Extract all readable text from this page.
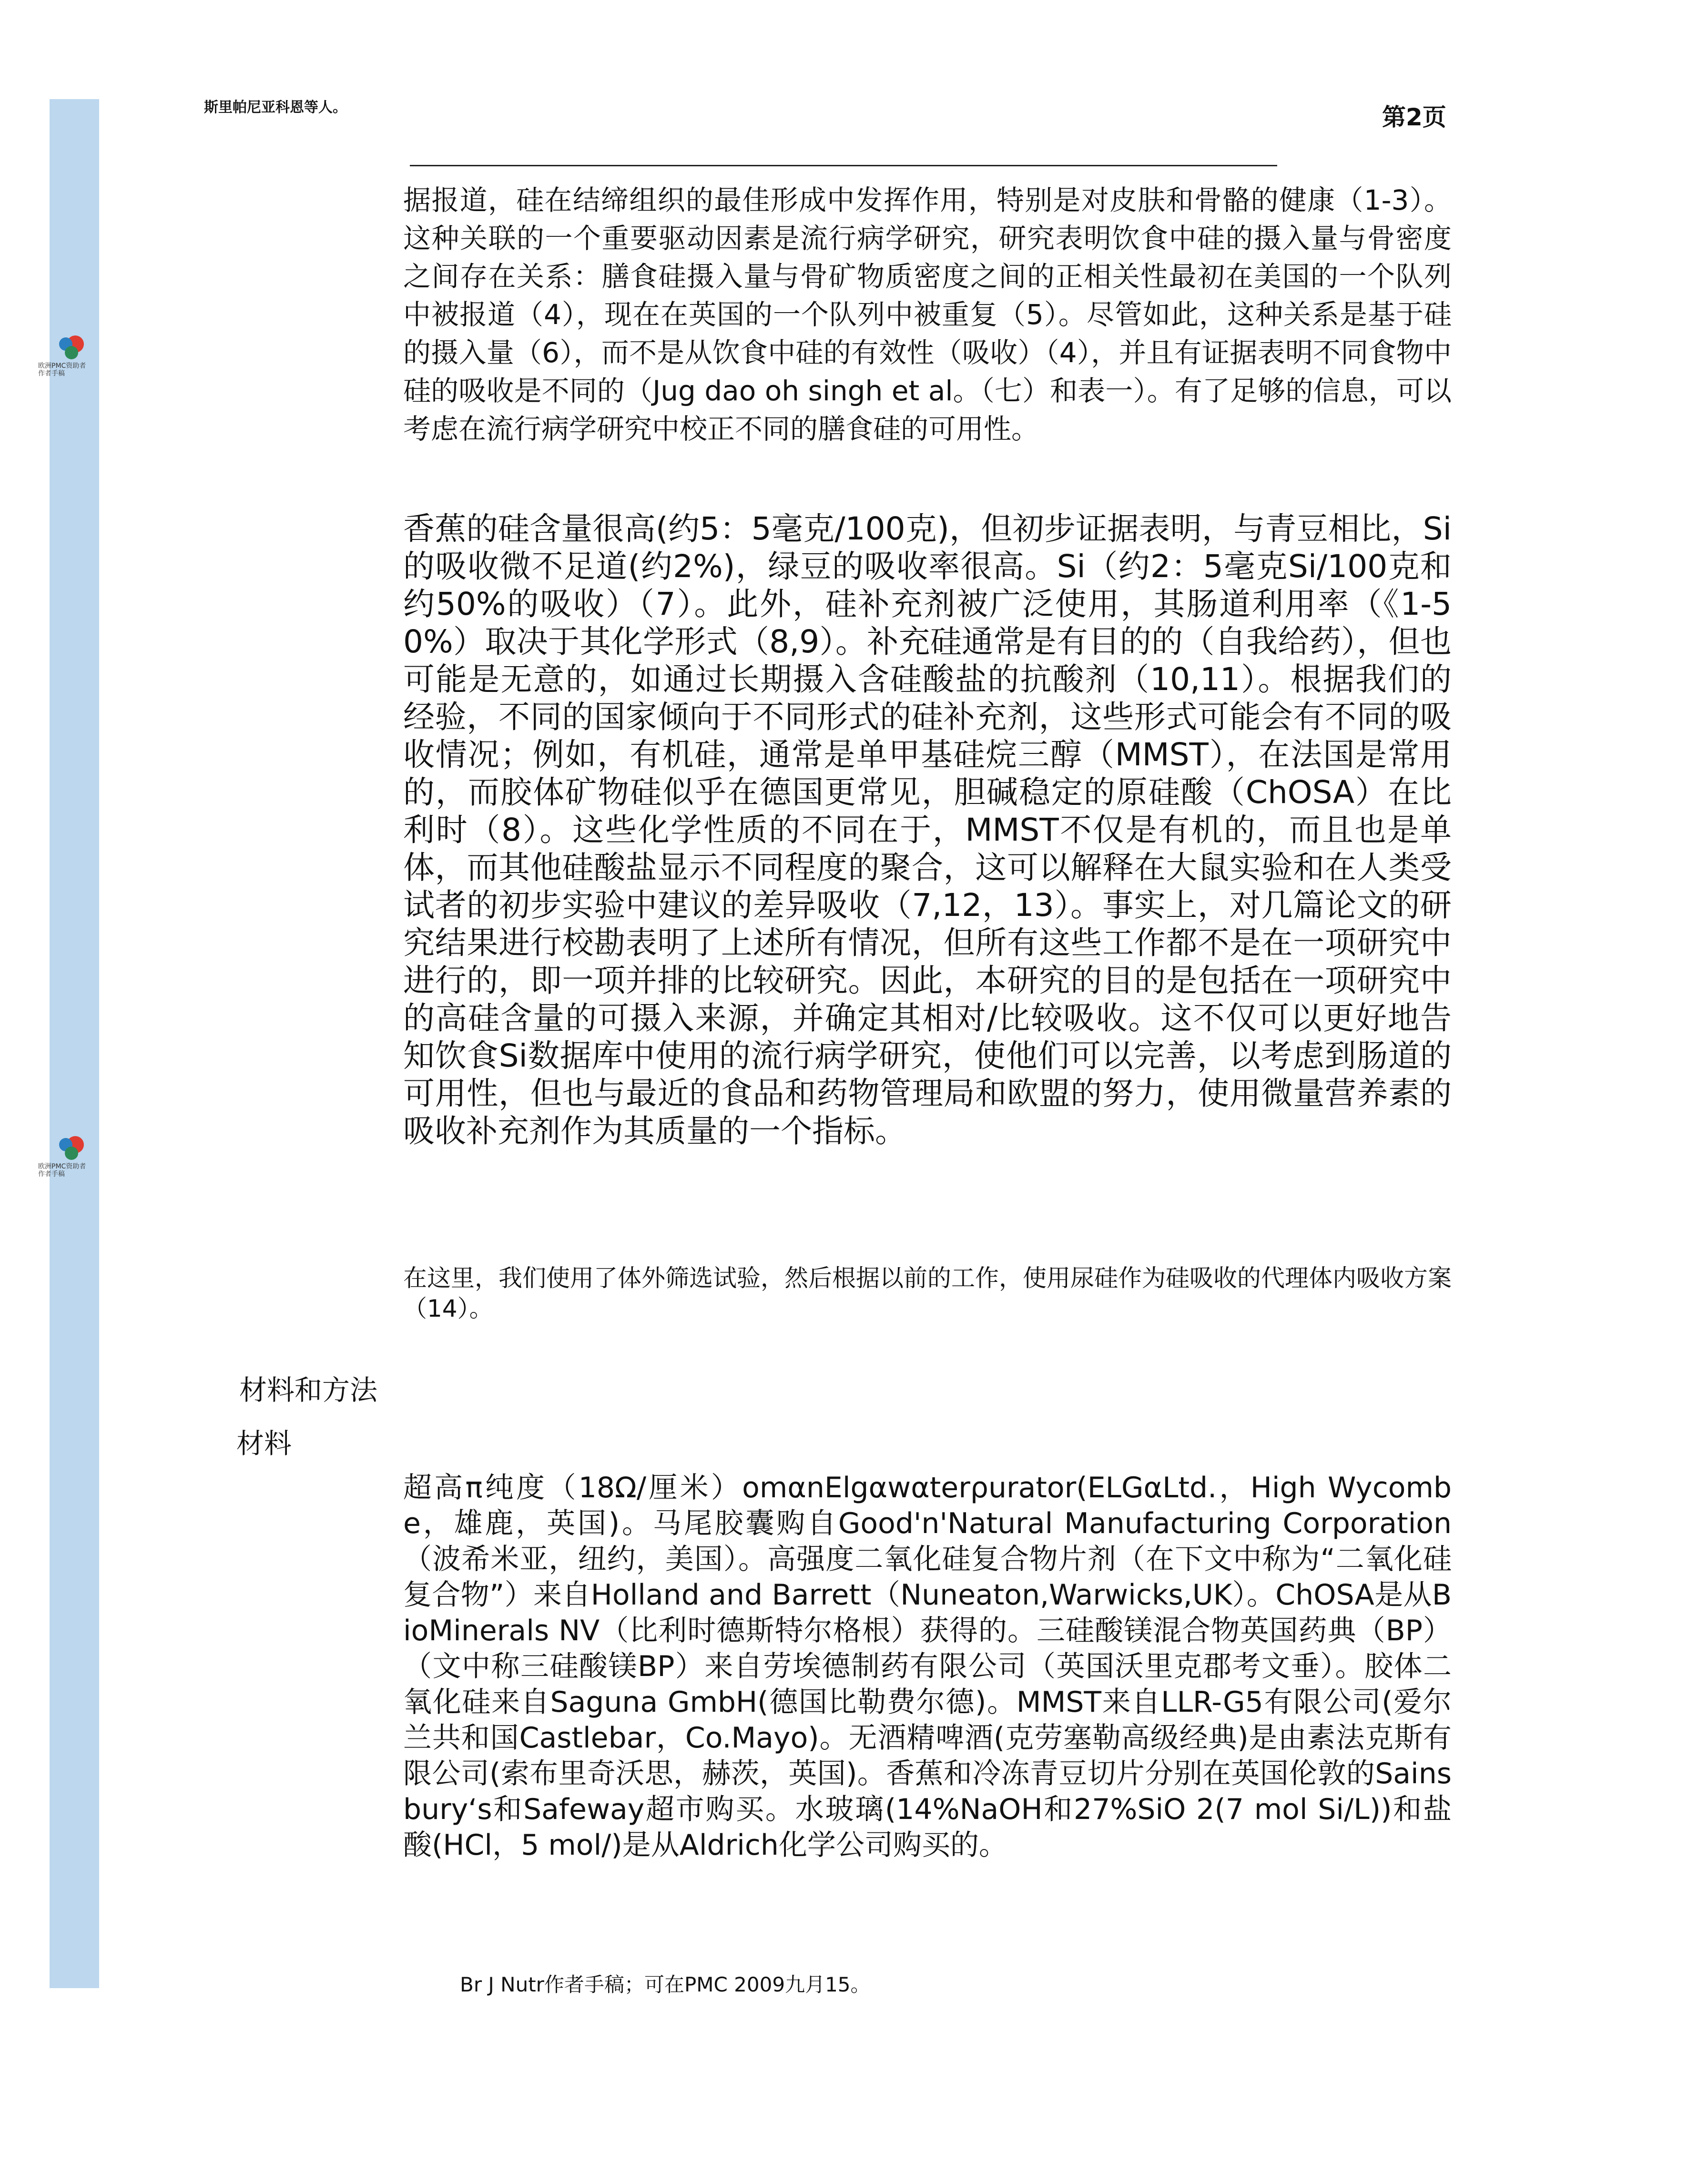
欧洲PMC资助者作者手稿
欧洲PMC资助者作者手稿
斯里帕尼亚科恩等人。	第2页

据报道，硅在结缔组织的最佳形成中发挥作用，特别是对皮肤和骨骼的健康（1-3）。这种关联的一个重要驱动因素是流行病学研究，研究表明饮食中硅的摄入量与骨密度之间存在关系：膳食硅摄入量与骨矿物质密度之间的正相关性最初在美国的一个队列中被报道（4），现在在英国的一个队列中被重复（5）。尽管如此，这种关系是基于硅的摄入量（6），而不是从饮食中硅的有效性（吸收）（4），并且有证据表明不同食物中硅的吸收是不同的（Jug dao oh singh et al。（七）和表一）。有了足够的信息，可以考虑在流行病学研究中校正不同的膳食硅的可用性。

香蕉的硅含量很高(约5：5毫克/100克)，但初步证据表明，与青豆相比，Si的吸收微不足道(约2%)，绿豆的吸收率很高。Si（约2：5毫克Si/100克和约50%的吸收）（7）。此外，硅补充剂被广泛使用，其肠道利用率（《1-50%）取决于其化学形式（8,9）。补充硅通常是有目的的（自我给药），但也可能是无意的，如通过长期摄入含硅酸盐的抗酸剂（10,11）。根据我们的经验，不同的国家倾向于不同形式的硅补充剂，这些形式可能会有不同的吸收情况；例如，有机硅，通常是单甲基硅烷三醇（MMST），在法国是常用的，而胶体矿物硅似乎在德国更常见，胆碱稳定的原硅酸（ChOSA）在比利时（8）。这些化学性质的不同在于，MMST不仅是有机的，而且也是单体，而其他硅酸盐显示不同程度的聚合，这可以解释在大鼠实验和在人类受试者的初步实验中建议的差异吸收（7,12，13）。事实上，对几篇论文的研究结果进行校勘表明了上述所有情况，但所有这些工作都不是在一项研究中进行的，即一项并排的比较研究。因此，本研究的目的是包括在一项研究中的高硅含量的可摄入来源，并确定其相对/比较吸收。这不仅可以更好地告知饮食Si数据库中使用的流行病学研究，使他们可以完善，以考虑到肠道的可用性，但也与最近的食品和药物管理局和欧盟的努力，使用微量营养素的吸收补充剂作为其质量的一个指标。

在这里，我们使用了体外筛选试验，然后根据以前的工作，使用尿硅作为硅吸收的代理体内吸收方案（14）。

材料和方法
材料

超高π纯度（18Ω/厘米）omαnElgαwαterρurator(ELGαLtd.，High Wycombe，雄鹿，英国)。马尾胶囊购自Good'n'Natural Manufacturing Corporation（波希米亚，纽约，美国）。高强度二氧化硅复合物片剂（在下文中称为“二氧化硅复合物”）来自Holland and Barrett（Nuneaton,Warwicks,UK）。ChOSA是从BioMinerals NV（比利时德斯特尔格根）获得的。三硅酸镁混合物英国药典（BP）（文中称三硅酸镁BP）来自劳埃德制药有限公司（英国沃里克郡考文垂）。胶体二氧化硅来自Saguna GmbH(德国比勒费尔德)。MMST来自LLR-G5有限公司(爱尔兰共和国Castlebar，Co.Mayo)。无酒精啤酒(克劳塞勒高级经典)是由素法克斯有限公司(索布里奇沃思，赫茨，英国)。香蕉和冷冻青豆切片分别在英国伦敦的Sainsbury‘s和Safeway超市购买。水玻璃(14%NaOH和27%SiO 2(7 mol Si/L))和盐酸(HCl，5 mol/)是从Aldrich化学公司购买的。

Br J Nutr作者手稿；可在PMC 2009九月15。
